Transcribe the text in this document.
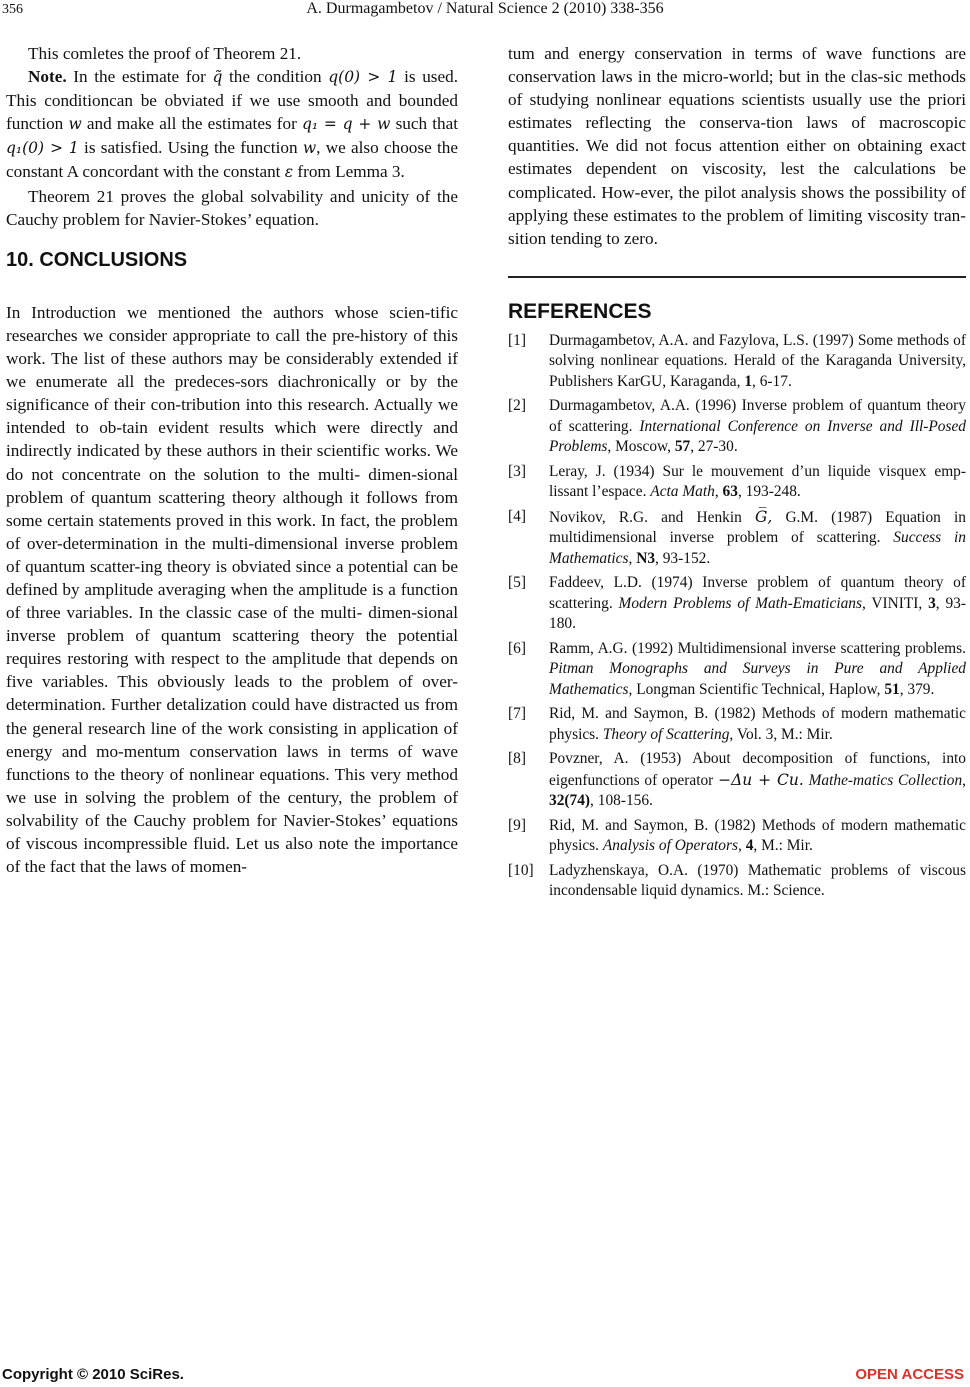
356	A. Durmagambetov / Natural Science 2 (2010) 338-356

This comletes the proof of Theorem 21.

Note. In the estimate for q̃ the condition q(0) > 1 is used. This conditioncan be obviated if we use smooth and bounded function w and make all the estimates for q₁ = q + w such that q₁(0) > 1 is satisfied. Using the function w, we also choose the constant A concordant with the constant ε from Lemma 3.

Theorem 21 proves the global solvability and unicity of the Cauchy problem for Navier-Stokes’ equation.

10. CONCLUSIONS

In Introduction we mentioned the authors whose scien-tific researches we consider appropriate to call the pre-history of this work. The list of these authors may be considerably extended if we enumerate all the predeces-sors diachronically or by the significance of their con-tribution into this research. Actually we intended to ob-tain evident results which were directly and indirectly indicated by these authors in their scientific works. We do not concentrate on the solution to the multi- dimen-sional problem of quantum scattering theory although it follows from some certain statements proved in this work. In fact, the problem of over-determination in the multi-dimensional inverse problem of quantum scatter-ing theory is obviated since a potential can be defined by amplitude averaging when the amplitude is a function of three variables. In the classic case of the multi- dimen-sional inverse problem of quantum scattering theory the potential requires restoring with respect to the amplitude that depends on five variables. This obviously leads to the problem of over-determination. Further detalization could have distracted us from the general research line of the work consisting in application of energy and mo-mentum conservation laws in terms of wave functions to the theory of nonlinear equations. This very method we use in solving the problem of the century, the problem of solvability of the Cauchy problem for Navier-Stokes’ equations of viscous incompressible fluid. Let us also note the importance of the fact that the laws of momen-

tum and energy conservation in terms of wave functions are conservation laws in the micro-world; but in the clas-sic methods of studying nonlinear equations scientists usually use the priori estimates reflecting the conserva-tion laws of macroscopic quantities. We did not focus attention either on obtaining exact estimates dependent on viscosity, lest the calculations be complicated. How-ever, the pilot analysis shows the possibility of applying these estimates to the problem of limiting viscosity tran-sition tending to zero.

REFERENCES
[1]	Durmagambetov, A.A. and Fazylova, L.S. (1997) Some methods of solving nonlinear equations. Herald of the Karaganda University, Publishers KarGU, Karaganda, 1, 6-17.
[2]	Durmagambetov, A.A. (1996) Inverse problem of quantum theory of scattering. International Conference on Inverse and Ill-Posed Problems, Moscow, 57, 27-30.
[3]	Leray, J. (1934) Sur le mouvement d’un liquide visquex emp- lissant l’espace. Acta Math, 63, 193-248.
[4]	Novikov, R.G. and Henkin G̅, G.M. (1987) Equation in multidimensional inverse problem of scattering. Success in Mathematics, N3, 93-152.
[5]	Faddeev, L.D. (1974) Inverse problem of quantum theory of scattering. Modern Problems of Math-Ematicians, VINITI, 3, 93-180.
[6]	Ramm, A.G. (1992) Multidimensional inverse scattering problems. Pitman Monographs and Surveys in Pure and Applied Mathematics, Longman Scientific Technical, Haplow, 51, 379.
[7]	Rid, M. and Saymon, B. (1982) Methods of modern mathematic physics. Theory of Scattering, Vol. 3, M.: Mir.
[8]	Povzner, A. (1953) About decomposition of functions, into eigenfunctions of operator −Δu + Cu. Mathe-matics Collection, 32(74), 108-156.
[9]	Rid, M. and Saymon, B. (1982) Methods of modern mathematic physics. Analysis of Operators, 4, M.: Mir.
[10] Ladyzhenskaya, O.A. (1970) Mathematic problems of viscous incondensable liquid dynamics. M.: Science.
Copyright © 2010 SciRes.	OPEN ACCESS
